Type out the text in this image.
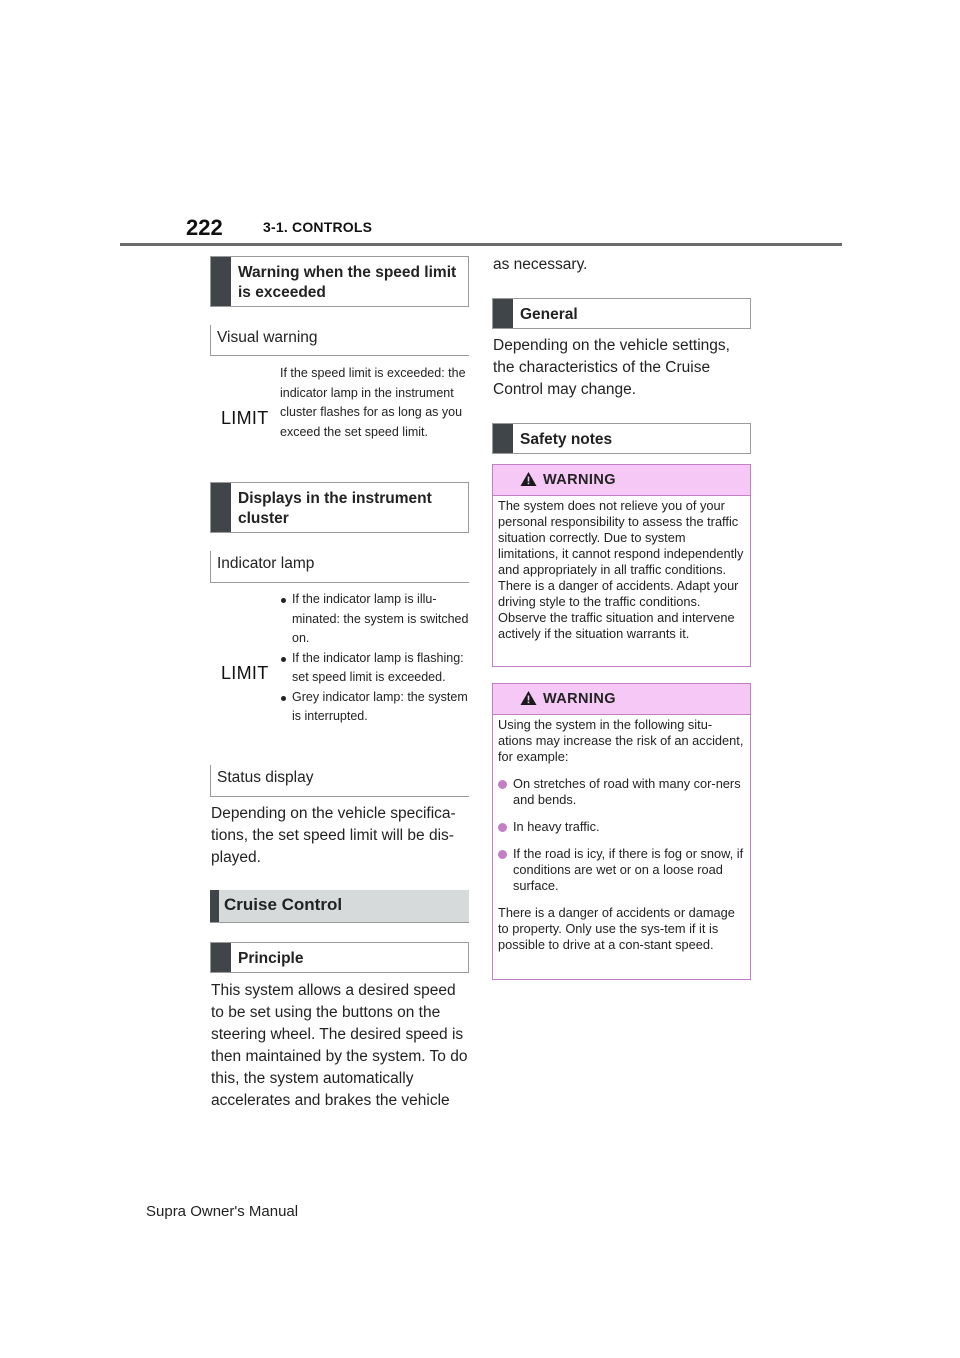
222	3-1. CONTROLS
Warning when the speed limit is exceeded
Visual warning
LIMIT
If the speed limit is exceeded: the indicator lamp in the instrument cluster flashes for as long as you exceed the set speed limit.
Displays in the instrument cluster
Indicator lamp
LIMIT
If the indicator lamp is illu-minated: the system is switched on.
If the indicator lamp is flashing: set speed limit is exceeded.
Grey indicator lamp: the system is interrupted.
Status display
Depending on the vehicle specifica-tions, the set speed limit will be dis-played.
Cruise Control
Principle
This system allows a desired speed to be set using the buttons on the steering wheel. The desired speed is then maintained by the system. To do this, the system automatically accelerates and brakes the vehicle
as necessary.
General
Depending on the vehicle settings, the characteristics of the Cruise Control may change.
Safety notes
WARNING

The system does not relieve you of your personal responsibility to assess the traffic situation correctly. Due to system limitations, it cannot respond independently and appropriately in all traffic conditions. There is a danger of accidents. Adapt your driving style to the traffic conditions. Observe the traffic situation and intervene actively if the situation warrants it.

WARNING

Using the system in the following situ-ations may increase the risk of an accident, for example:

On stretches of road with many cor-ners and bends.
In heavy traffic.
If the road is icy, if there is fog or snow, if conditions are wet or on a loose road surface.

There is a danger of accidents or damage to property. Only use the sys-tem if it is possible to drive at a con-stant speed.

Supra Owner's Manual
